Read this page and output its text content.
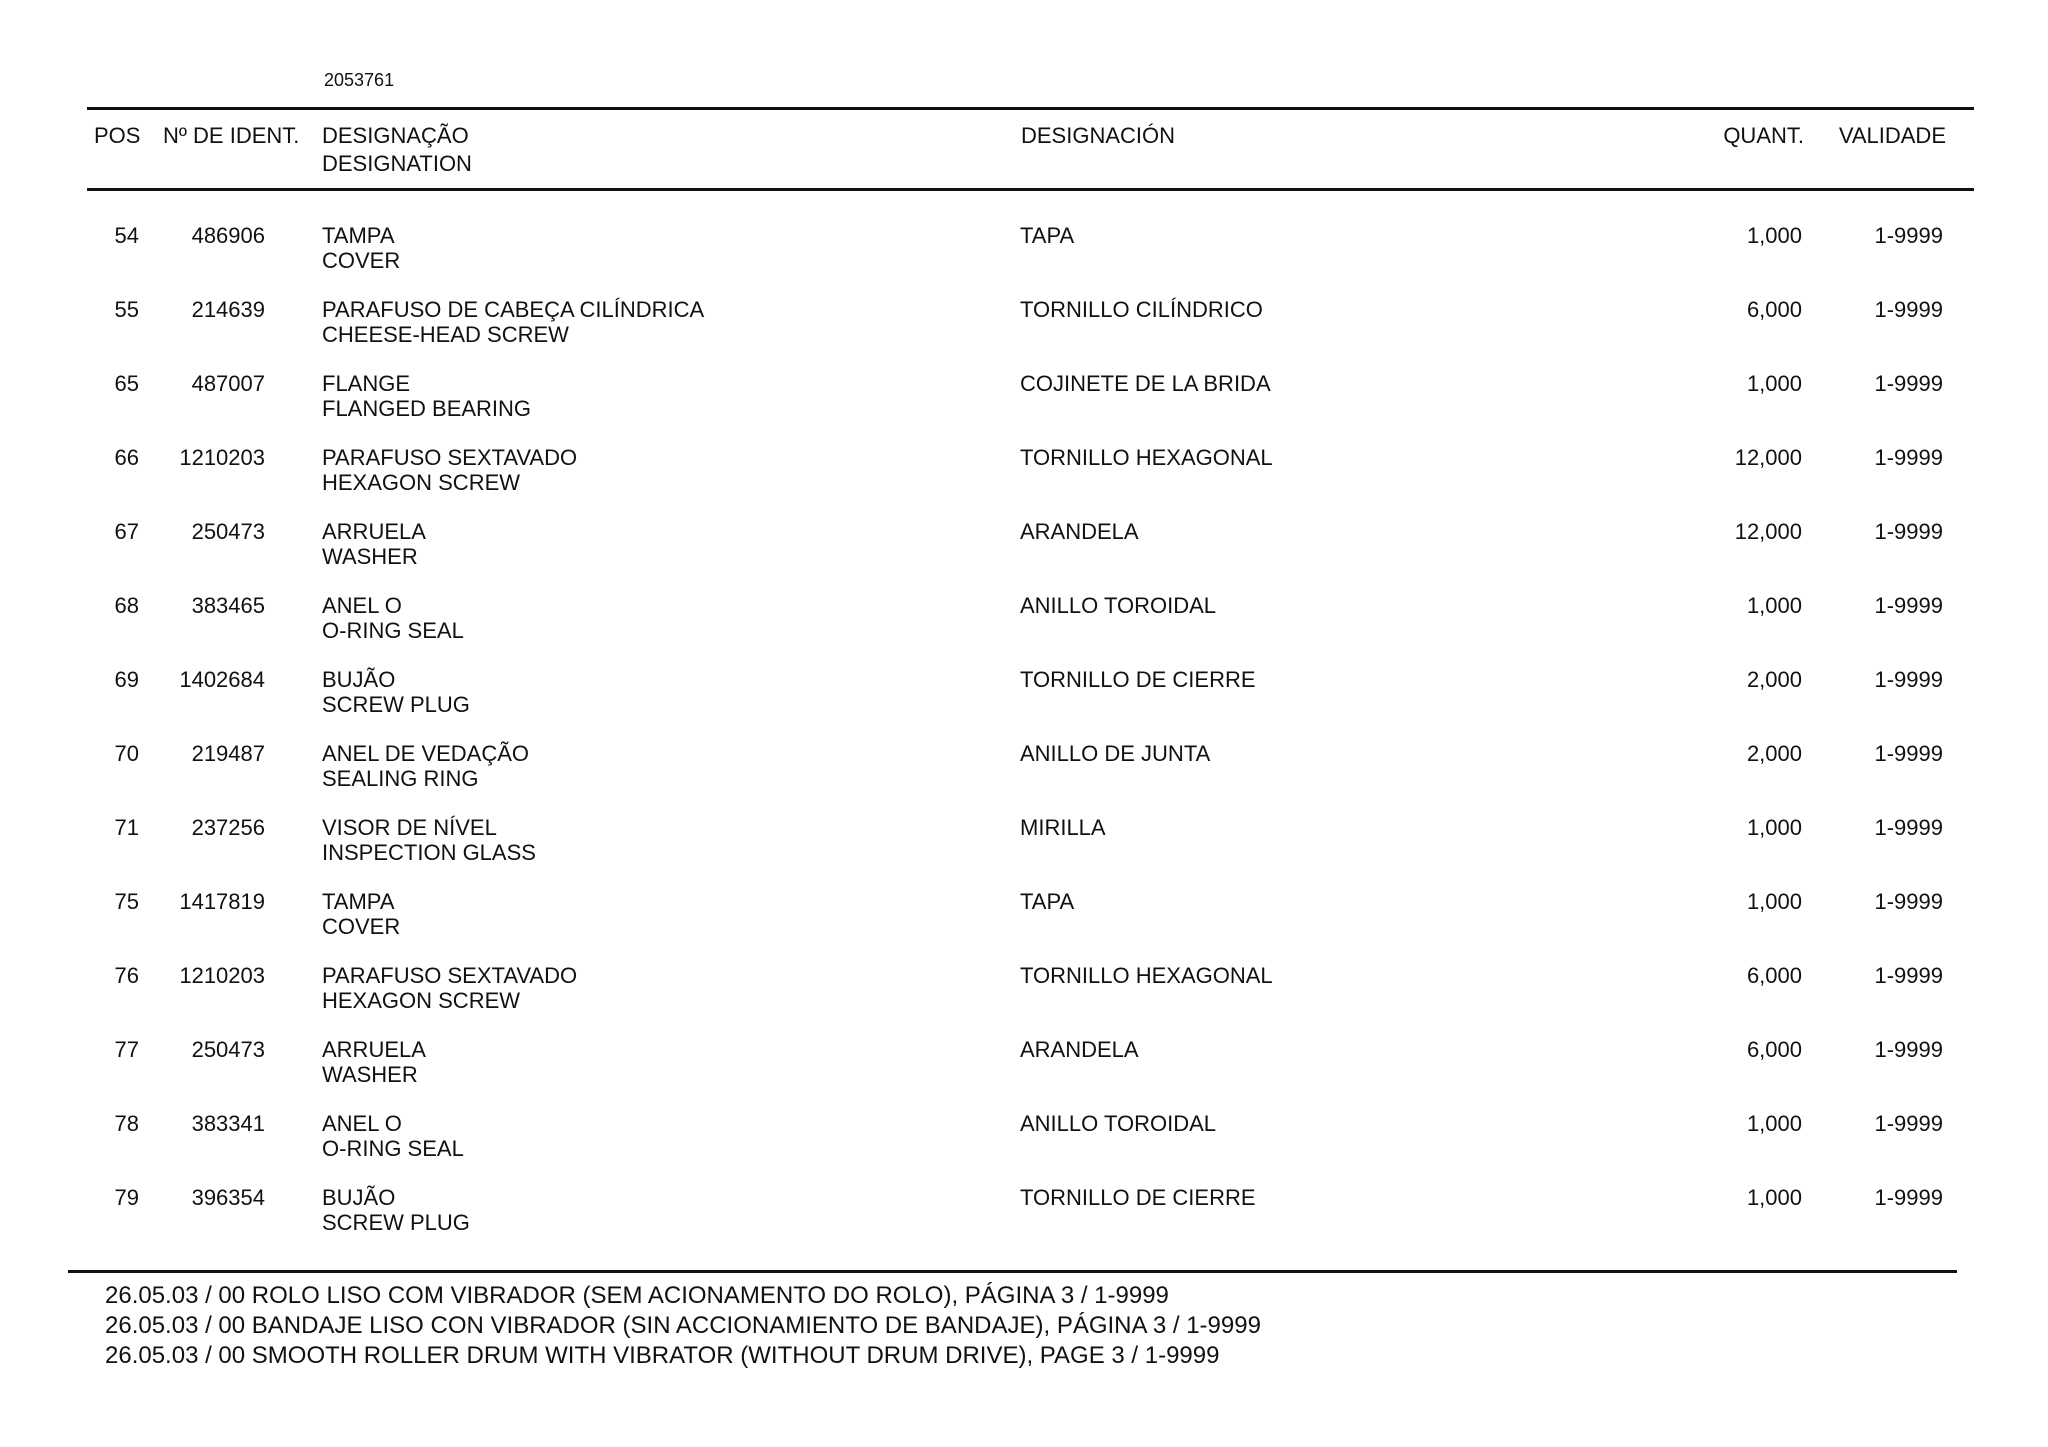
2053761
POS Nº DE IDENT. DESIGNAÇÃO
DESIGNATION
DESIGNACIÓN	QUANT. VALIDADE
54 486906	TAMPA
COVER
TAPA	1,000	1-9999
55 214639	PARAFUSO DE CABEÇA CILÍNDRICA
CHEESE-HEAD SCREW
TORNILLO CILÍNDRICO	6,000	1-9999
65 487007	FLANGE
FLANGED BEARING
COJINETE DE LA BRIDA	1,000	1-9999
66 1210203	PARAFUSO SEXTAVADO
HEXAGON SCREW
TORNILLO HEXAGONAL	12,000	1-9999
67 250473	ARRUELA
WASHER
ARANDELA	12,000	1-9999
68 383465	ANEL O
O-RING SEAL
ANILLO TOROIDAL	1,000	1-9999
69 1402684	BUJÃO
SCREW PLUG
TORNILLO DE CIERRE	2,000	1-9999
70 219487	ANEL DE VEDAÇÃO
SEALING RING
ANILLO DE JUNTA	2,000	1-9999
71 237256	VISOR DE NÍVEL
INSPECTION GLASS
MIRILLA	1,000	1-9999
75 1417819	TAMPA
COVER
TAPA	1,000	1-9999
76 1210203	PARAFUSO SEXTAVADO
HEXAGON SCREW
TORNILLO HEXAGONAL	6,000	1-9999
77 250473	ARRUELA
WASHER
ARANDELA	6,000	1-9999
78 383341	ANEL O
O-RING SEAL
ANILLO TOROIDAL	1,000	1-9999
79 396354	BUJÃO
SCREW PLUG
TORNILLO DE CIERRE	1,000	1-9999
26.05.03 / 00 ROLO LISO COM VIBRADOR (SEM ACIONAMENTO DO ROLO), PÁGINA 3 / 1-9999
26.05.03 / 00 BANDAJE LISO CON VIBRADOR (SIN ACCIONAMIENTO DE BANDAJE), PÁGINA 3 / 1-9999
26.05.03 / 00 SMOOTH ROLLER DRUM WITH VIBRATOR (WITHOUT DRUM DRIVE), PAGE 3 / 1-9999
